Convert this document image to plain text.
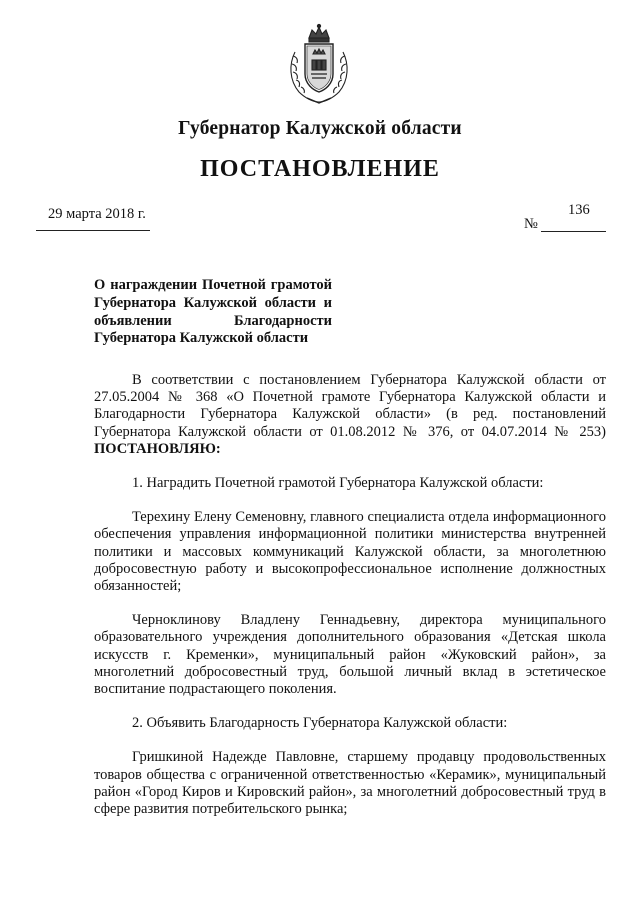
Губернатор Калужской области
ПОСТАНОВЛЕНИЕ
29 марта 2018 г.	136
№
О награждении Почетной грамотой Губернатора Калужской области и объявлении Благодарности Губернатора Калужской области

В соответствии с постановлением Губернатора Калужской области от 27.05.2004 № 368 «О Почетной грамоте Губернатора Калужской области и Благодарности Губернатора Калужской области» (в ред. постановлений Губернатора Калужской области от 01.08.2012 № 376, от 04.07.2014 № 253) ПОСТАНОВЛЯЮ:

1. Наградить Почетной грамотой Губернатора Калужской области:

Терехину Елену Семеновну, главного специалиста отдела информационного обеспечения управления информационной политики министерства внутренней политики и массовых коммуникаций Калужской области, за многолетнюю добросовестную работу и высокопрофессиональное исполнение должностных обязанностей;

Черноклинову Владлену Геннадьевну, директора муниципального образовательного учреждения дополнительного образования «Детская школа искусств г. Кременки», муниципальный район «Жуковский район», за многолетний добросовестный труд, большой личный вклад в эстетическое воспитание подрастающего поколения.

2. Объявить Благодарность Губернатора Калужской области:

Гришкиной Надежде Павловне, старшему продавцу продовольственных товаров общества с ограниченной ответственностью «Керамик», муниципальный район «Город Киров и Кировский район», за многолетний добросовестный труд в сфере развития потребительского рынка;
